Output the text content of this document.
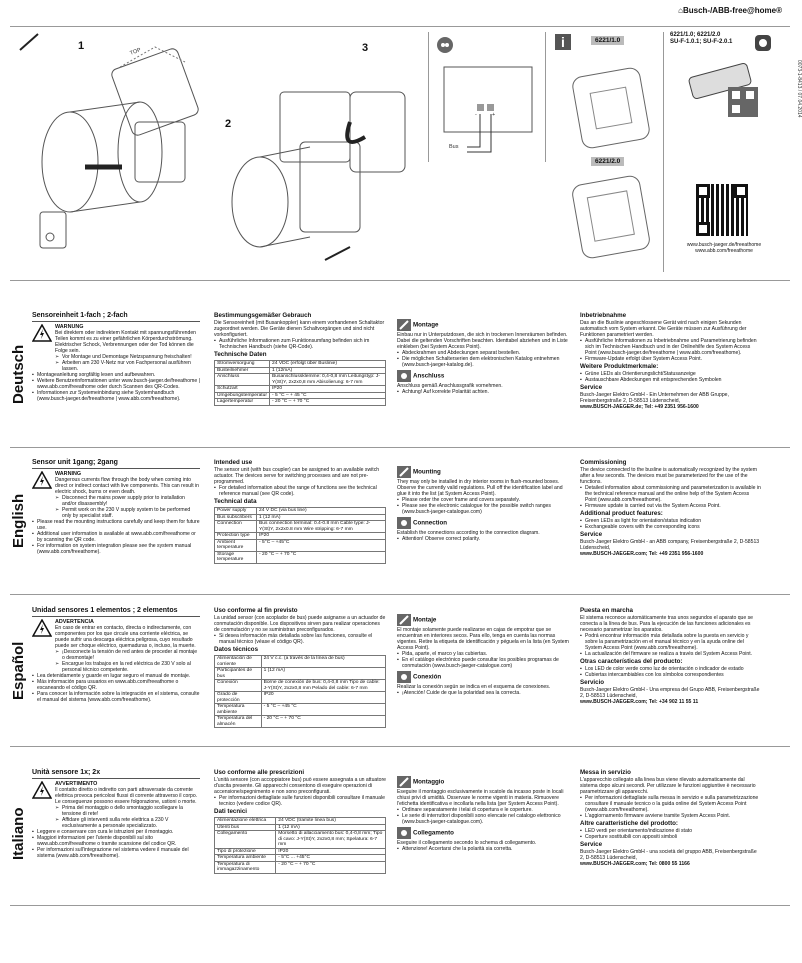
⌂Busch-/ABB-free@home®
0073-1-8413 / 07.04.2014
1
2
3
TOP
-	+
Bus
i	6221/1.0
6221/2.0
6221/1.0; 6221/2.0
SU-F-1.0.1; SU-F-2.0.1
www.busch-jaeger.de/freeathome
www.abb.com/freeathome
Deutsch
Sensoreinheit 1-fach ; 2-fach
WARNUNG
Bei direktem oder indirektem Kontakt mit spannungsführenden Teilen kommt es zu einer gefährlichen Körperdurchströmung. Elektrischer Schock, Verbrennungen oder der Tod können die Folge sein.
➢ Vor Montage und Demontage Netzspannung freischalten!
➢ Arbeiten am 230 V-Netz nur von Fachpersonal ausführen lassen.
▪ Montageanleitung sorgfältig lesen und aufbewahren.
▪ Weitere Benutzerinformationen unter www.busch-jaeger.de/freeathome | www.abb.com/freeathome oder durch Scannen des QR-Codes.
▪ Informationen zur Systemeinbindung siehe Systemhandbuch (www.busch-jaeger.de/freeathome | www.abb.com/freeathome).
Bestimmungsgemäßer Gebrauch
Die Sensoreinheit (mit Busankoppler) kann einem vorhandenen Schaltaktor zugeordnet werden. Die Geräte dienen Schaltvorgängen und sind nicht vorkonfiguriert.
▪ Ausführliche Informationen zum Funktionsumfang befinden sich im Technischen Handbuch (siehe QR-Code).
Technische Daten
Stromversorgung	24 VDC (erfolgt über Buslinie)
Busteilnehmer	1 (12mA)
Anschluss	Busanschlussklemme: 0,4-0,8 mm Leitungstyp: J-Y(St)Y, 2x2x0,8 mm Abisolierung: 6-7 mm
Schutzart	IP20
Umgebungstemperatur	- 5 °C – + 45 °C
Lagertemperatur	- 20 °C – + 70 °C
Montage
Einbau nur in Unterputzdosen, die sich in trockenen Innenräumen befinden. Dabei die geltenden Vorschriften beachten. Identtabel abziehen und in Liste einkleben (bei System Access Point).
▪ Abdeckrahmen und Abdeckungen separat bestellen.
▪ Die möglichen Schalterserien dem elektronischen Katalog entnehmen (www.busch-jaeger-katalog.de).
Anschluss
Anschluss gemäß Anschlussgrafik vornehmen.
▪ Achtung! Auf korrekte Polarität achten.
Inbetriebnahme
Das an die Buslinie angeschlossene Gerät wird nach einigen Sekunden automatisch vom System erkannt. Die Geräte müssen zur Ausführung der Funktionen parametriert werden.
▪ Ausführliche Informationen zu Inbetriebnahme und Parametrierung befinden sich im Technischen Handbuch und in der Onlinehilfe des System Access Point (www.busch-jaeger.de/freeathome | www.abb.com/freeathome).
▪ Firmware-Update erfolgt über System Access Point.
Weitere Produktmerkmale:
▪ Grüne LEDs als Orientierungslicht/Statusanzeige
▪ Austauschbare Abdeckungen mit entsprechenden Symbolen
Service
Busch-Jaeger Elektro GmbH - Ein Unternehmen der ABB Gruppe, Freisenbergstraße 2, D-58513 Lüdenscheid,
www.BUSCH-JAEGER.de; Tel: +49 2351 956-1600
English
Sensor unit 1gang; 2gang
WARNING
Dangerous currents flow through the body when coming into direct or indirect contact with live components. This can result in electric shock, burns or even death.
➢ Disconnect the mains power supply prior to installation and/or disassembly!
➢ Permit work on the 230 V supply system to be performed only by specialist staff.
▪ Please read the mounting instructions carefully and keep them for future use.
▪ Additional user information is available at www.abb.com/freeathome or by scanning the QR code.
▪ For information on system integration please see the system manual (www.abb.com/freeathome).
Intended use
The sensor unit (with bus coupler) can be assigned to an available switch actuator. The devices serve for switching processes and are not pre-programmed.
▪ For detailed information about the range of functions see the technical reference manual (see QR code).
Technical data
Power supply	24 V DC (via bus line)
Bus subscribers	1 (12 mA)
Connection	Bus connection terminal: 0.4-0.8 mm Cable type: J-Y(St)Y, 2x2x0.8 mm Wire stripping: 6-7 mm
Protection type	IP20
Ambient temperature	- 5°C – +45°C
Storage temperature	- 20 °C – + 70 °C
Mounting
They may only be installed in dry interior rooms in flush-mounted boxes. Observe the currently valid regulations. Pull off the identification label and glue it into the list (at System Access Point).
▪ Please order the cover frame and covers separately.
▪ Please see the electronic catalogue for the possible switch ranges (www.busch-jaeger-catalogue.com)
Connection
Establish the connections according to the connection diagram.
▪ Attention! Observe correct polarity.
Commissioning
The device connected to the busline is automatically recognized by the system after a few seconds. The devices must be parameterized for the use of the functions.
▪ Detailed information about commissioning and parameterization is available in the technical reference manual and the online help of the System Access Point (www.abb.com/freeathome).
▪ Firmware update is carried out via the System Access Point.
Additional product features:
▪ Green LEDs as light for orientation/status indication
▪ Exchangeable covers with the corresponding icons
Service
Busch-Jaeger Elektro GmbH - an ABB company, Freisenbergstraße 2, D-58513 Lüdenscheid,
www.BUSCH-JAEGER.com; Tel: +49 2351 956-1600
Español
Unidad sensores 1 elementos ; 2 elementos
ADVERTENCIA
En caso de entrar en contacto, directa o indirectamente, con componentes por los que circule una corriente eléctrica, se puede sufrir una descarga eléctrica peligrosa, cuyo resultado puede ser choque eléctrico, quemaduras o, incluso, la muerte.
➢ ¡Desconecte la tensión de red antes de proceder al montaje o desmontaje!
➢ Encargue los trabajos en la red eléctrica de 230 V solo al personal técnico competente.
▪ Lea detenidamente y guarde en lugar seguro el manual de montaje.
▪ Más información para usuarios en www.abb.com/freeathome o escaneando el código QR.
▪ Para conocer la información sobre la integración en el sistema, consulte el manual del sistema (www.abb.com/freeathome).
Uso conforme al fin previsto
La unidad sensor (con acoplador de bus) puede asignarse a un actuador de conmutación disponible. Los dispositivos sirven para realizar operaciones de conmutación y no se suministran preconfigurados.
▪ Si desea información más detallada sobre las funciones, consulte el manual técnico (véase el código QR).
Datos técnicos
Alimentación de corriente	24 V c.c. (a través de la línea de bus)
Participantes de bus	1 (12 mA)
Conexión	Borne de conexión de bus: 0,4-0,8 mm Tipo de cable: J-Y(St)Y, 2x2x0,8 mm Pelado del cable: 6-7 mm
Grado de protección	IP20
Temperatura ambiente	- 5 °C – +45 °C
Temperatura del almacén	- 20 °C – + 70 °C
Montaje
El montaje solamente puede realizarse en cajas de empotrar que se encuentran en interiores secos. Para ello, tenga en cuenta las normas vigentes. Retire la etiqueta de identificación y péguela en la lista (en System Access Point).
▪ Pida, aparte, el marco y las cubiertas.
▪ En el catálogo electrónico puede consultar los posibles programas de conmutación (www.busch-jaeger-catalogue.com)
Conexión
Realizar la conexión según se indica en el esquema de conexiones.
▪ ¡Atención! Cuide de que la polaridad sea la correcta.
Puesta en marcha
El sistema reconoce automáticamente tras unos segundos el aparato que se conecta a la línea de bus. Para la ejecución de las funciones adicionales es necesario parametrizar los aparatos.
▪ Podrá encontrar información más detallada sobre la puesta en servicio y sobre la parametrización en el manual técnico y en la ayuda online del System Access Point (www.abb.com/freeathome).
▪ La actualización del firmware se realiza a través del System Access Point.
Otras características del producto:
▪ Los LED de color verde como luz de orientación o indicador de estado
▪ Cubiertas intercambiables con los símbolos correspondientes
Servicio
Busch-Jaeger Elektro GmbH - Una empresa del Grupo ABB, Freisenbergstraße 2, D-58513 Lüdenscheid,
www.BUSCH-JAEGER.com; Tel: +34 902 11 55 11
Italiano
Unità sensore 1x; 2x
AVVERTIMENTO
Il contatto diretto o indiretto con parti attraversate da corrente elettrica provoca pericolosi flussi di corrente attraverso il corpo. Le conseguenze possono essere folgorazione, ustioni o morte.
➢ Prima del montaggio o dello smontaggio scollegare la tensione di rete!
➢ Affidare gli interventi sulla rete elettrica a 230 V esclusivamente a personale specializzato.
▪ Leggere e conservare con cura le istruzioni per il montaggio.
▪ Maggiori informazioni per l'utente disponibili sul sito www.abb.com/freeathome o tramite scansione del codice QR.
▪ Per informazioni sull'integrazione nel sistema vedere il manuale del sistema (www.abb.com/freeathome).
Uso conforme alle prescrizioni
L'unità sensore (con accoppiatore bus) può essere assegnata a un attuatore d'uscita presente. Gli apparecchi consentono di eseguire operazioni di accensione/spegnimento e non sono preconfigurati.
▪ Per informazioni dettagliate sulle funzioni disponibili consultare il manuale tecnico (vedere codice QR).
Dati tecnici
Alimentazione elettrica	24 VDC (tramite linea bus)
Utenti bus	1 (12 mA)
Collegamento	Morsetto di allacciamento bus: 0,4-0,8 mm; Tipo di cavo: J-Y(St)Y, 2x2x0,8 mm; Spelatura: 6-7 mm
Tipo di protezione	IP20
Temperatura ambiente	- 5°C ... +45°C
Temperatura di immagazzinamento	- 20 °C – + 70 °C
Montaggio
Eseguire il montaggio esclusivamente in scatole da incasso poste in locali chiusi privi di umidità. Osservare le norme vigenti in materia. Rimuovere l'etichetta identificativa e incollarla nella lista (per System Access Point).
▪ Ordinare separatamente i telai di copertura e le coperture.
▪ Le serie di interruttori disponibili sono elencate nel catalogo elettronico (www.busch-jaeger-catalogue.com).
Collegamento
Eseguire il collegamento secondo lo schema di collegamento.
▪ Attenzione! Accertarsi che la polarità sia corretta.
Messa in servizio
L'apparecchio collegato alla linea bus viene rilevato automaticamente dal sistema dopo alcuni secondi. Per utilizzare le funzioni aggiuntive è necessario parametrizzare gli apparecchi.
▪ Per informazioni dettagliate sulla messa in servizio e sulla parametrizzazione consultare il manuale tecnico o la guida online del System Access Point (www.abb.com/freeathome).
▪ L'aggiornamento firmware avviene tramite System Access Point.
Altre caratteristiche del prodotto:
▪ LED verdi per orientamento/indicazione di stato
▪ Coperture sostituibili con appositi simboli
Service
Busch-Jaeger Elektro GmbH - una società del gruppo ABB, Freisenbergstraße 2, D-58513 Lüdenscheid,
www.BUSCH-JAEGER.com; Tel: 0800 55 1166
